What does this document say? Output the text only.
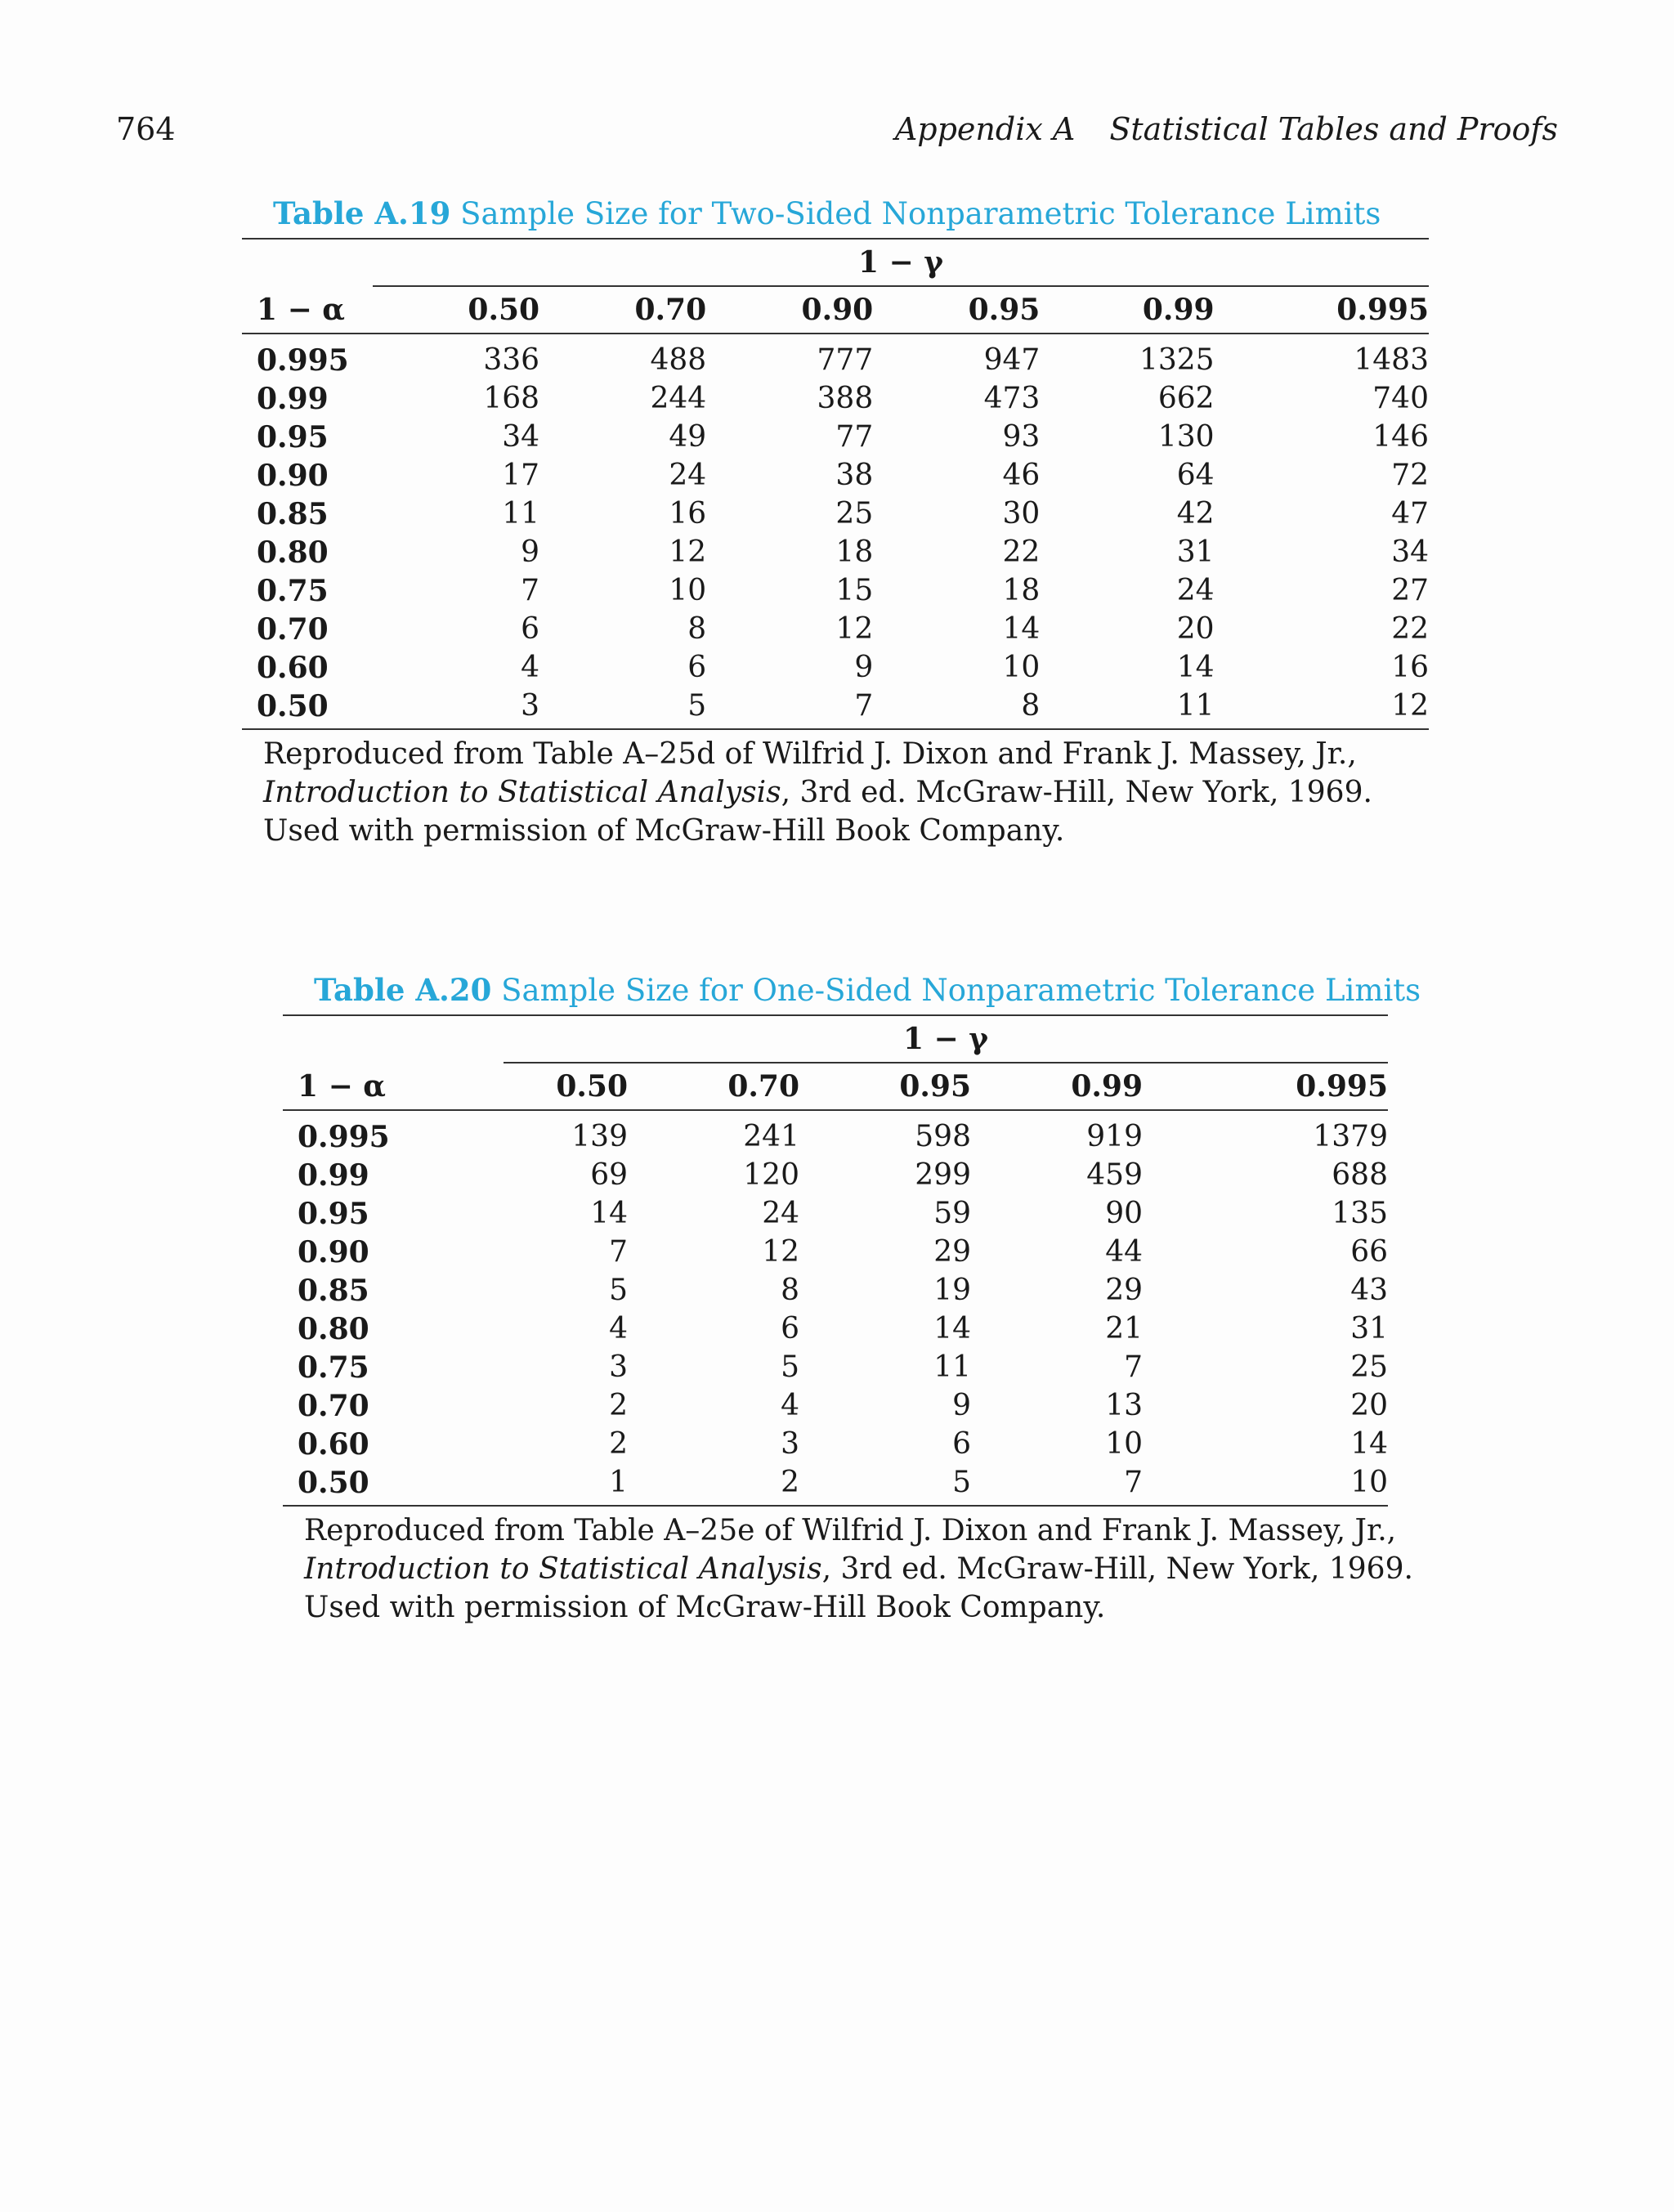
764	Appendix A Statistical Tables and Proofs
Table A.19 Sample Size for Two-Sided Nonparametric Tolerance Limits
	1 − γ					
1 − α	0.50	0.70	0.90	0.95	0.99	0.995
0.995	336	488	777	947	1325	1483
0.99	168	244	388	473	662	740
0.95	34	49	77	93	130	146
0.90	17	24	38	46	64	72
0.85	11	16	25	30	42	47
0.80	9	12	18	22	31	34
0.75	7	10	15	18	24	27
0.70	6	8	12	14	20	22
0.60	4	6	9	10	14	16
0.50	3	5	7	8	11	12
Reproduced from Table A–25d of Wilfrid J. Dixon and Frank J. Massey, Jr.,
Introduction to Statistical Analysis, 3rd ed. McGraw-Hill, New York, 1969.
Used with permission of McGraw-Hill Book Company.
Table A.20 Sample Size for One-Sided Nonparametric Tolerance Limits
	1 − γ				
1 − α	0.50	0.70	0.95	0.99	0.995
0.995	139	241	598	919	1379
0.99	69	120	299	459	688
0.95	14	24	59	90	135
0.90	7	12	29	44	66
0.85	5	8	19	29	43
0.80	4	6	14	21	31
0.75	3	5	11	7	25
0.70	2	4	9	13	20
0.60	2	3	6	10	14
0.50	1	2	5	7	10
Reproduced from Table A–25e of Wilfrid J. Dixon and Frank J. Massey, Jr.,
Introduction to Statistical Analysis, 3rd ed. McGraw-Hill, New York, 1969.
Used with permission of McGraw-Hill Book Company.
